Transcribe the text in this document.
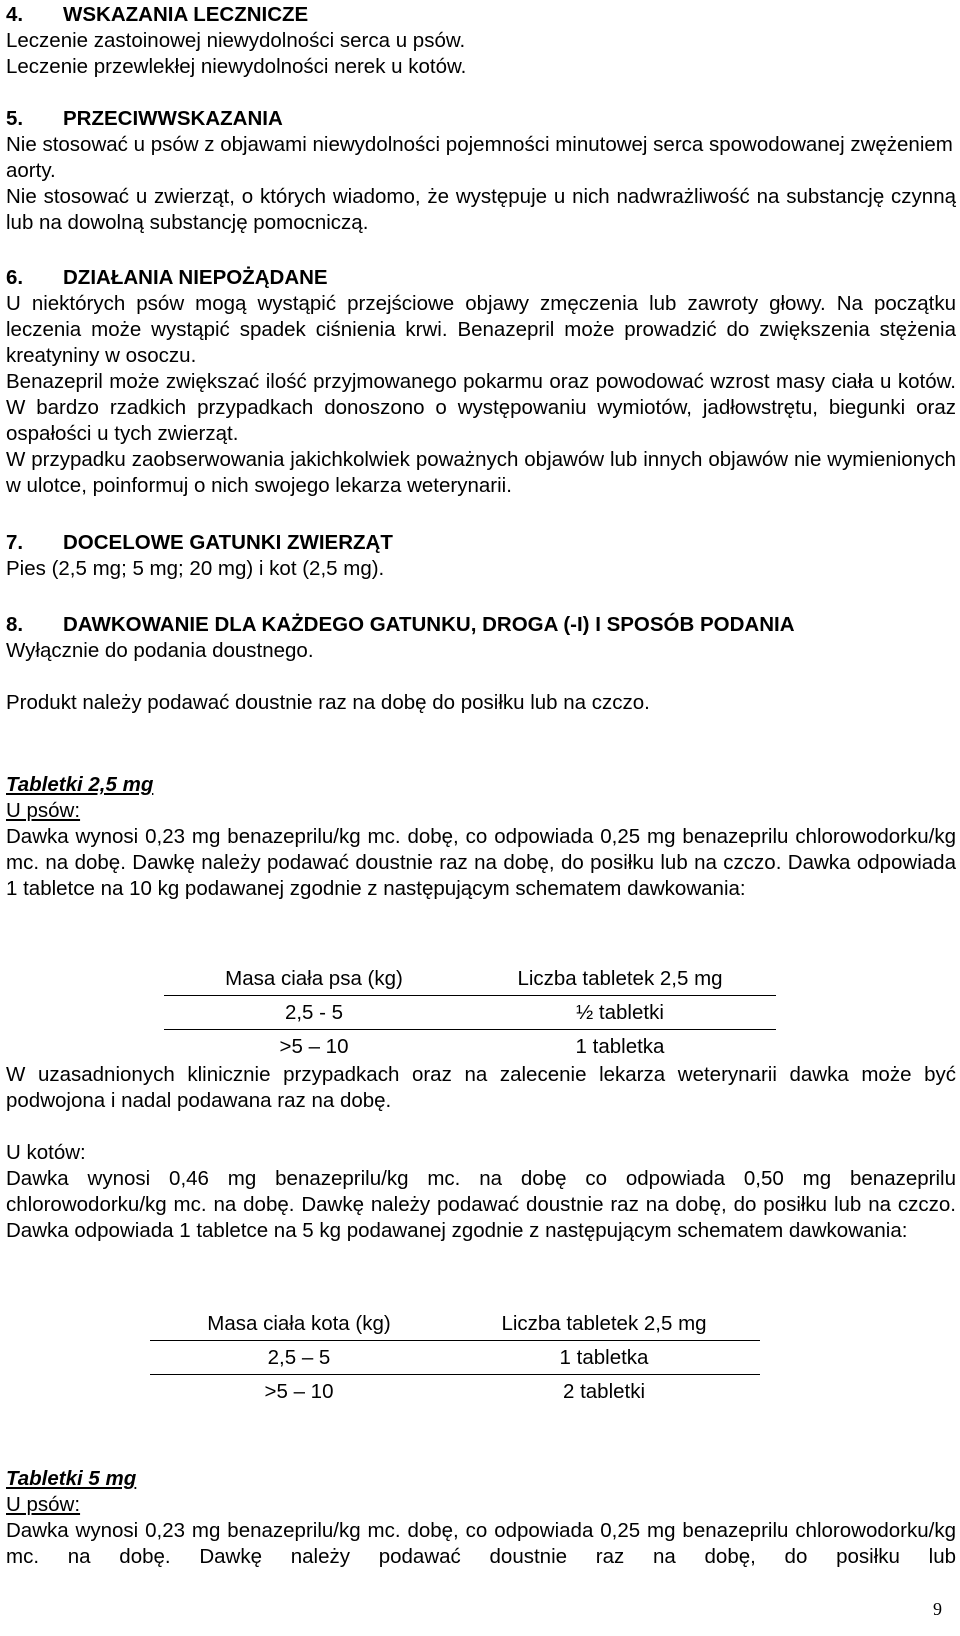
4. WSKAZANIA LECZNICZE

Leczenie zastoinowej niewydolności serca u psów.

Leczenie przewlekłej niewydolności nerek u kotów.

5. PRZECIWWSKAZANIA

Nie stosować u psów z objawami niewydolności pojemności minutowej serca spowodowanej zwężeniem aorty.

Nie stosować u zwierząt, o których wiadomo, że występuje u nich nadwrażliwość na substancję czynną lub na dowolną substancję pomocniczą.

6. DZIAŁANIA NIEPOŻĄDANE

U niektórych psów mogą wystąpić przejściowe objawy zmęczenia lub zawroty głowy. Na początku leczenia może wystąpić spadek ciśnienia krwi. Benazepril może prowadzić do zwiększenia stężenia kreatyniny w osoczu.

Benazepril może zwiększać ilość przyjmowanego pokarmu oraz powodować wzrost masy ciała u kotów. W bardzo rzadkich przypadkach donoszono o występowaniu wymiotów, jadłowstrętu, biegunki oraz ospałości u tych zwierząt.

W przypadku zaobserwowania jakichkolwiek poważnych objawów lub innych objawów nie wymienionych w ulotce, poinformuj o nich swojego lekarza weterynarii.

7. DOCELOWE GATUNKI ZWIERZĄT

Pies (2,5 mg; 5 mg; 20 mg) i kot (2,5 mg).

8. DAWKOWANIE DLA KAŻDEGO GATUNKU, DROGA (-I) I SPOSÓB PODANIA

Wyłącznie do podania doustnego.

Produkt należy podawać doustnie raz na dobę do posiłku lub na czczo.

Tabletki 2,5 mg
U psów:

Dawka wynosi 0,23 mg benazeprilu/kg mc. dobę, co odpowiada 0,25 mg benazeprilu chlorowodorku/kg mc. na dobę. Dawkę należy podawać doustnie raz na dobę, do posiłku lub na czczo. Dawka odpowiada 1 tabletce na 10 kg podawanej zgodnie z następującym schematem dawkowania:

Masa ciała psa (kg)	Liczba tabletek 2,5 mg
2,5 - 5	½ tabletki
>5 – 10	1 tabletka

W uzasadnionych klinicznie przypadkach oraz na zalecenie lekarza weterynarii dawka może być podwojona i nadal podawana raz na dobę.

U kotów:

Dawka wynosi 0,46 mg benazeprilu/kg mc. na dobę co odpowiada 0,50 mg benazeprilu chlorowodorku/kg mc. na dobę. Dawkę należy podawać doustnie raz na dobę, do posiłku lub na czczo. Dawka odpowiada 1 tabletce na 5 kg podawanej zgodnie z następującym schematem dawkowania:

Masa ciała kota (kg)	Liczba tabletek 2,5 mg
2,5 – 5	1 tabletka
>5 – 10	2 tabletki
Tabletki 5 mg
U psów:

Dawka wynosi 0,23 mg benazeprilu/kg mc. dobę, co odpowiada 0,25 mg benazeprilu chlorowodorku/kg mc. na dobę. Dawkę należy podawać doustnie raz na dobę, do posiłku lub

9
